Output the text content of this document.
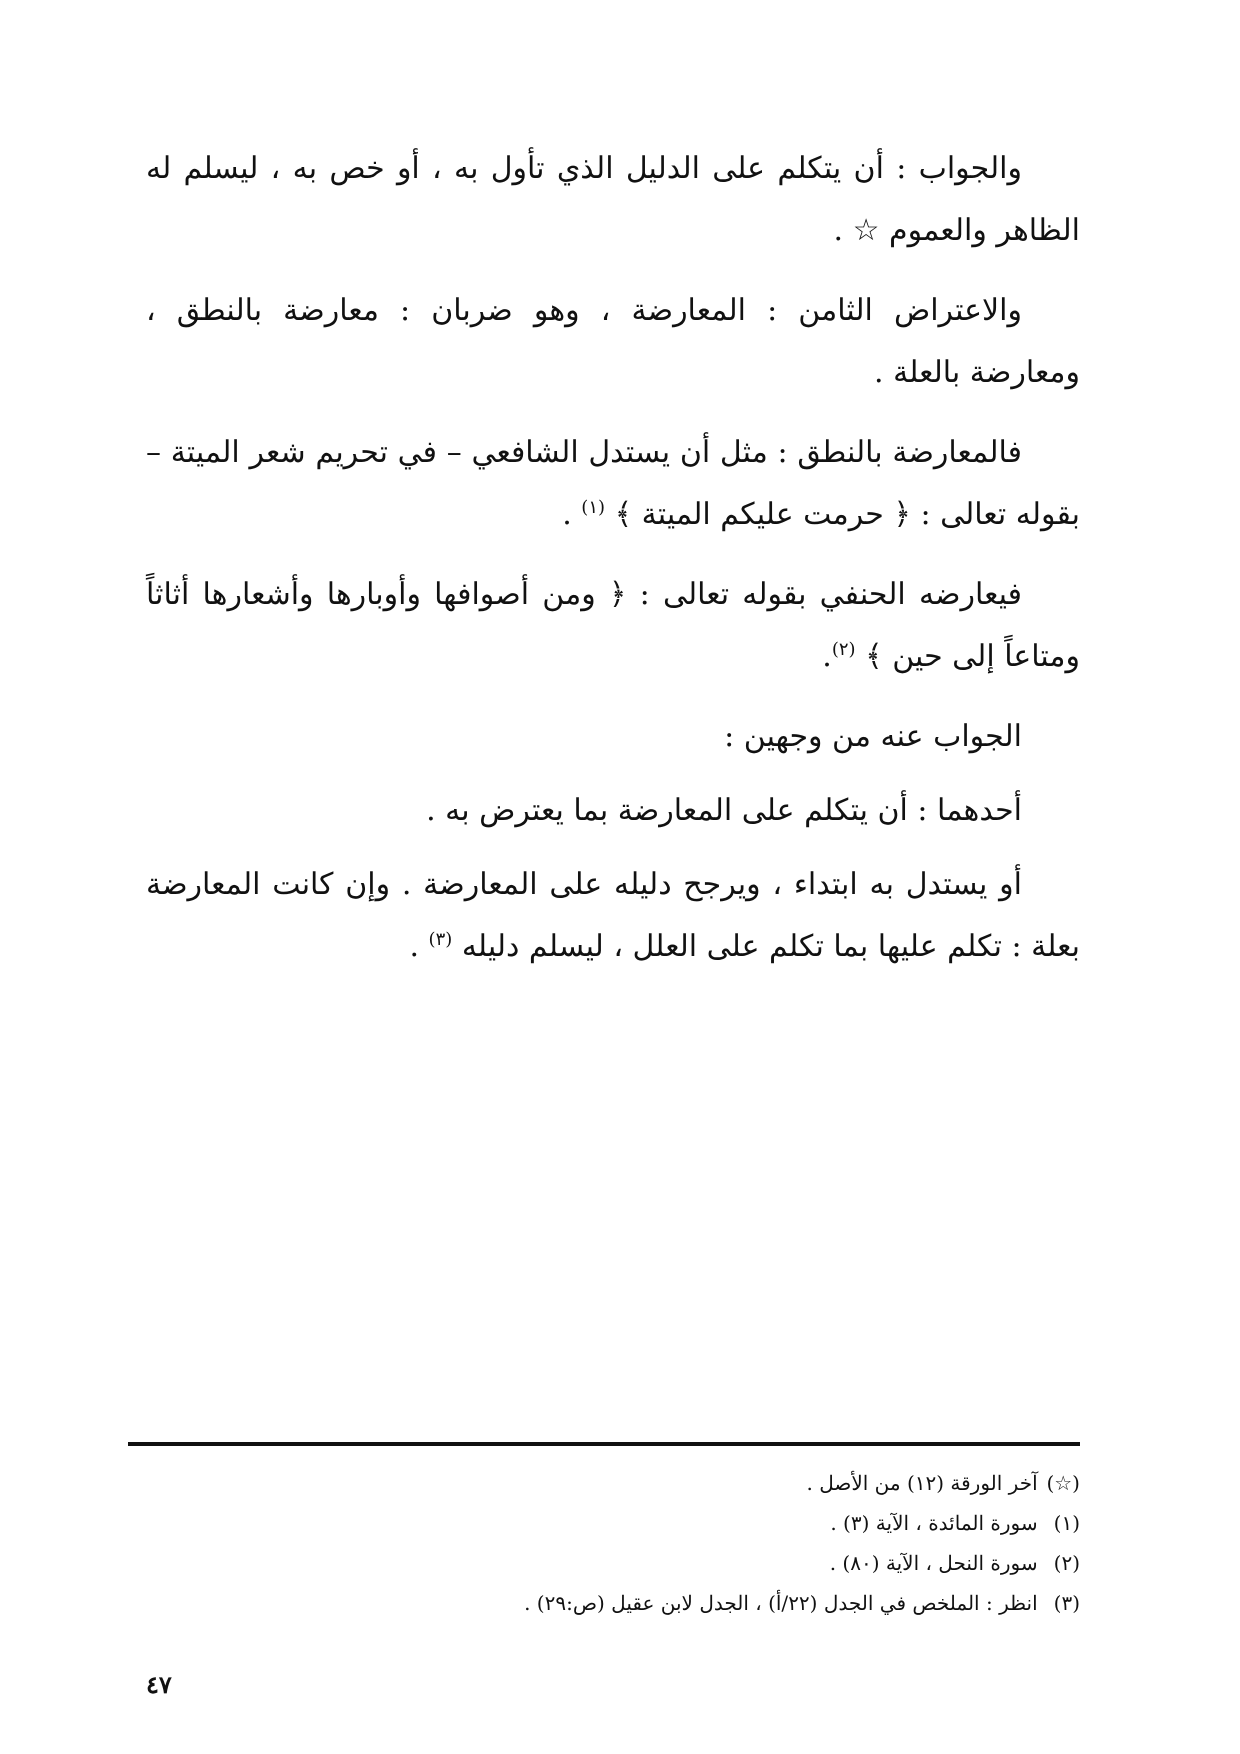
والجواب : أن يتكلم على الدليل الذي تأول به ، أو خص به ، ليسلم له الظاهر والعموم ☆ .

والاعتراض الثامن : المعارضة ، وهو ضربان : معارضة بالنطق ، ومعارضة بالعلة .

فالمعارضة بالنطق : مثل أن يستدل الشافعي – في تحريم شعر الميتة – بقوله تعالى : ﴿ حرمت عليكم الميتة ﴾ $^{(١)}$ .

فيعارضه الحنفي بقوله تعالى : ﴿ ومن أصوافها وأوبارها وأشعارها أثاثاً ومتاعاً إلى حين ﴾ $^{(٢)}$.

الجواب عنه من وجهين :

أحدهما : أن يتكلم على المعارضة بما يعترض به .

أو يستدل به ابتداء ، ويرجح دليله على المعارضة . وإن كانت المعارضة بعلة : تكلم عليها بما تكلم على العلل ، ليسلم دليله $^{(٣)}$ .

(☆) آخر الورقة (١٢) من الأصل .

(١) سورة المائدة ، الآية (٣) .

(٢) سورة النحل ، الآية (٨٠) .

(٣) انظر : الملخص في الجدل (٢٢/أ) ، الجدل لابن عقيل (ص:٢٩) .

٤٧
